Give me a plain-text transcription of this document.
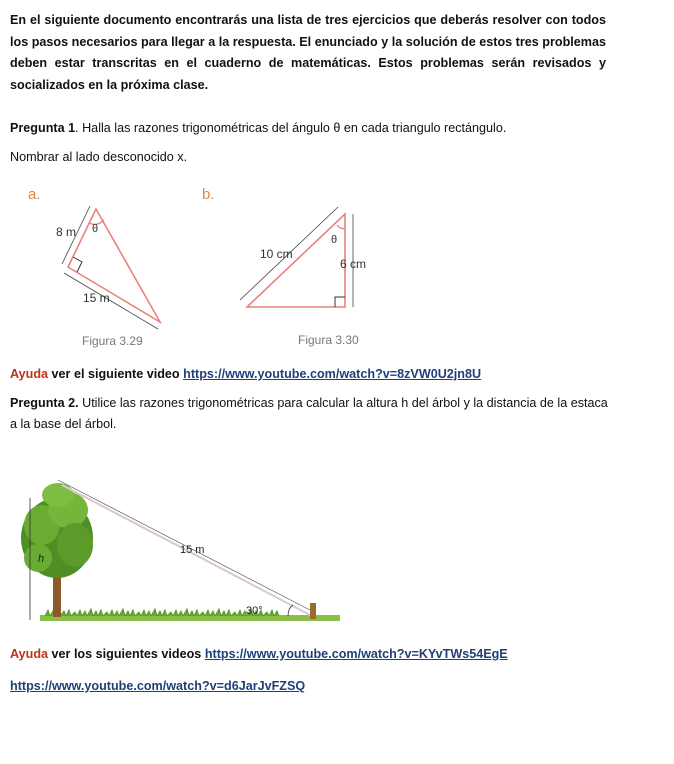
En el siguiente documento encontrarás una lista de tres ejercicios que deberás resolver con todos los pasos necesarios para llegar a la respuesta. El enunciado y la solución de estos tres problemas deben estar transcritas en el cuaderno de matemáticas. Estos problemas serán revisados y socializados en la próxima clase.

Pregunta 1. Halla las razones trigonométricas del ángulo θ en cada triangulo rectángulo.

Nombrar al lado desconocido x.

a.
8 m θ
15 m
Figura 3.29
b.
θ
10 cm
6 cm
Figura 3.30

Ayuda ver el siguiente video https://www.youtube.com/watch?v=8zVW0U2jn8U

Pregunta 2. Utilice las razones trigonométricas para calcular la altura h del árbol y la distancia de la estaca a la base del árbol.

h
15 m
30°

Ayuda ver los siguientes videos https://www.youtube.com/watch?v=KYvTWs54EgE

https://www.youtube.com/watch?v=d6JarJvFZSQ
